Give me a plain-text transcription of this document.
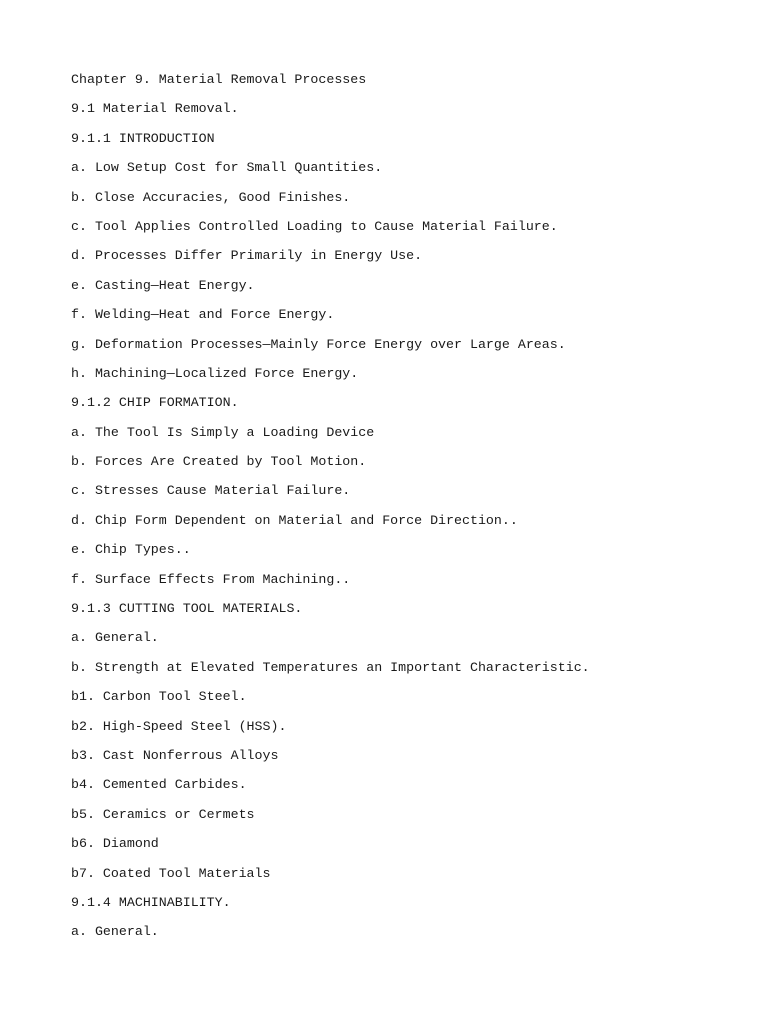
Chapter 9. Material Removal Processes

9.1 Material Removal.

9.1.1 INTRODUCTION

a. Low Setup Cost for Small Quantities.

b. Close Accuracies, Good Finishes.

c. Tool Applies Controlled Loading to Cause Material Failure.

d. Processes Differ Primarily in Energy Use.

e. Casting—Heat Energy.

f. Welding—Heat and Force Energy.

g. Deformation Processes—Mainly Force Energy over Large Areas.

h. Machining—Localized Force Energy.

9.1.2 CHIP FORMATION.

a. The Tool Is Simply a Loading Device

b. Forces Are Created by Tool Motion.

c. Stresses Cause Material Failure.

d. Chip Form Dependent on Material and Force Direction..

e. Chip Types..

f. Surface Effects From Machining..

9.1.3 CUTTING TOOL MATERIALS.

a. General.

b. Strength at Elevated Temperatures an Important Characteristic.

b1. Carbon Tool Steel.

b2. High-Speed Steel (HSS).

b3. Cast Nonferrous Alloys

b4. Cemented Carbides.

b5. Ceramics or Cermets

b6. Diamond

b7. Coated Tool Materials

9.1.4 MACHINABILITY.

a. General.
